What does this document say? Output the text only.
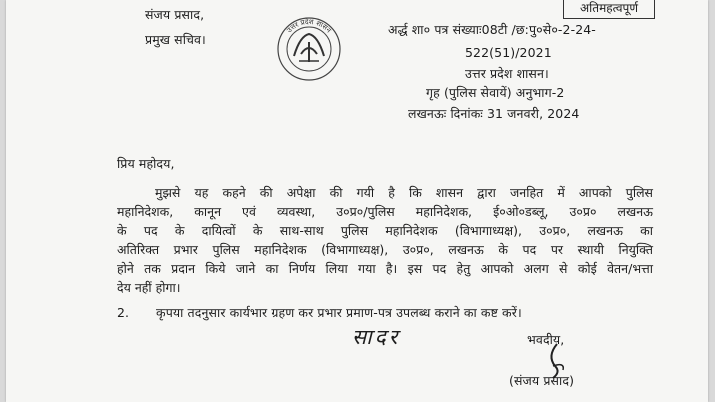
संजय प्रसाद,
प्रमुख सचिव।
अतिमहत्वपूर्ण
उत्तर प्रदेश शासन	अर्द्ध शा० पत्र संख्याः08टी /छ:पु०से०-2-24-
522(51)/2021
उत्तर प्रदेश शासन।
गृह (पुलिस सेवायें) अनुभाग-2
लखनऊः दिनांकः 31 जनवरी, 2024
प्रिय महोदय,
मुझसे यह कहने की अपेक्षा की गयी है कि शासन द्वारा जनहित में आपको पुलिस
महानिदेशक, कानून एवं व्यवस्था, उ०प्र०/पुलिस महानिदेशक, ई०ओ०डब्लू, उ०प्र० लखनऊ
के पद के दायित्वों के साथ-साथ पुलिस महानिदेशक (विभागाध्यक्ष), उ०प्र०, लखनऊ का
अतिरिक्त प्रभार पुलिस महानिदेशक (विभागाध्यक्ष), उ०प्र०, लखनऊ के पद पर स्थायी नियुक्ति
होने तक प्रदान किये जाने का निर्णय लिया गया है। इस पद हेतु आपको अलग से कोई वेतन/भत्ता
देय नहीं होगा।
2. कृपया तदनुसार कार्यभार ग्रहण कर प्रभार प्रमाण-पत्र उपलब्ध कराने का कष्ट करें।
सादर	भवदीय,
(संजय प्रसाद)
